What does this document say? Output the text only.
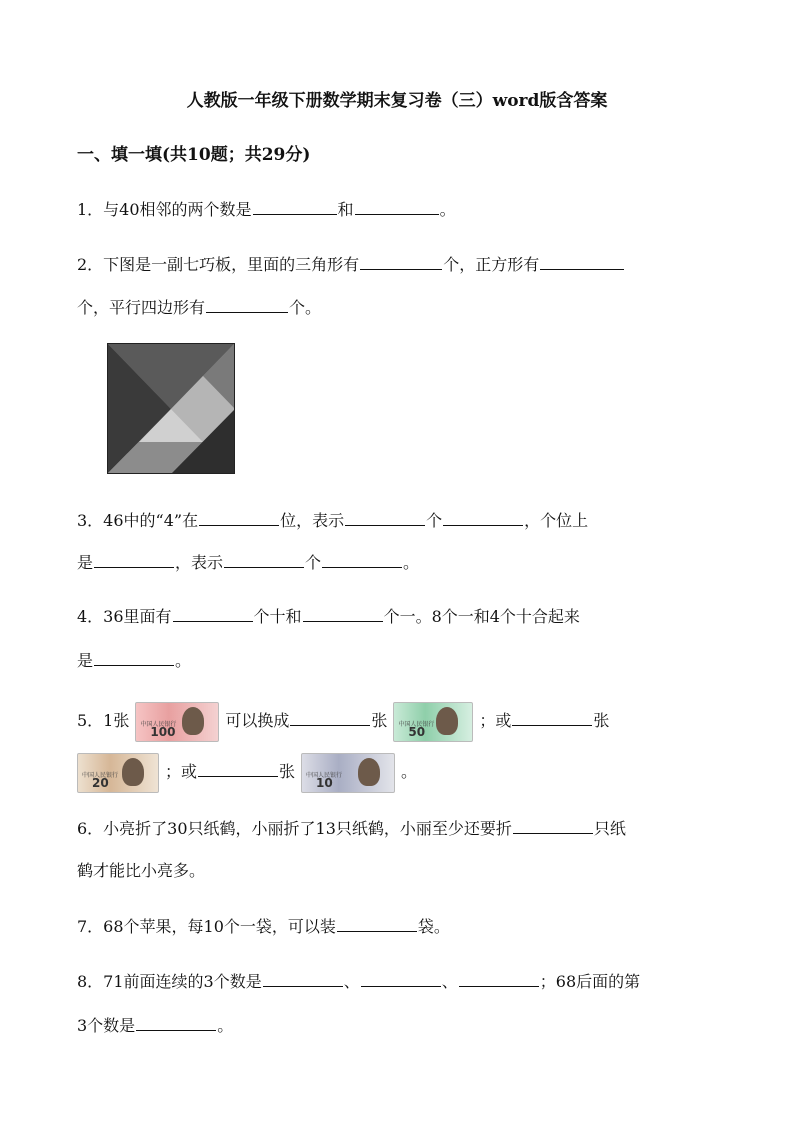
人教版一年级下册数学期末复习卷（三）word版含答案
一、填一填(共10题；共29分)
1．与40相邻的两个数是	和	。
2．下图是一副七巧板，里面的三角形有	个，正方形有
个，平行四边形有	个。
3．46中的“4”在	位，表示	个	，个位上
是	，表示	个	。
4．36里面有	个十和	个一。8个一和4个十合起来
是	。
5．1张 中国人民银行
100
可以换成	张 中国人民银行
50
；或	张
中国人民银行
20
；或	张 中国人民银行
10
。
6．小亮折了30只纸鹤，小丽折了13只纸鹤，小丽至少还要折	只纸
鹤才能比小亮多。
7．68个苹果，每10个一袋，可以装	袋。
8．71前面连续的3个数是	、	、	；68后面的第
3个数是	。
